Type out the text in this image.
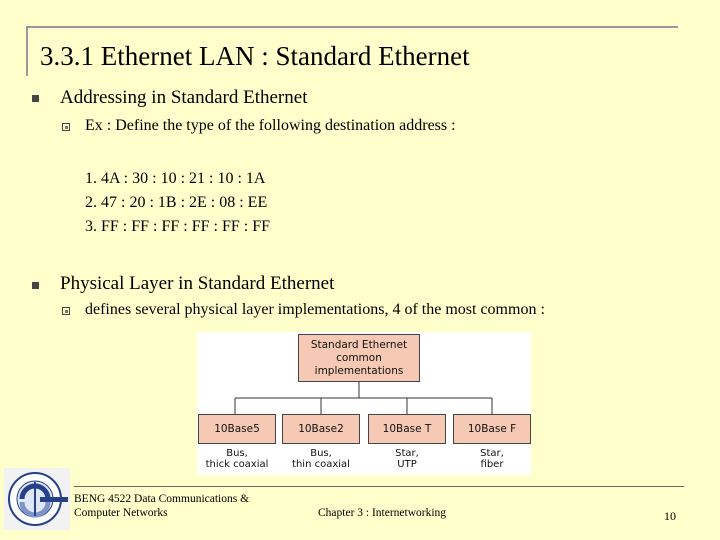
3.3.1 Ethernet LAN : Standard Ethernet
Addressing in Standard Ethernet
Ex : Define the type of the following destination address :
1. 4A : 30 : 10 : 21 : 10 : 1A
2. 47 : 20 : 1B : 2E : 08 : EE
3. FF : FF : FF : FF : FF : FF
Physical Layer in Standard Ethernet
defines several physical layer implementations, 4 of the most common :
Standard Ethernet
common
implementations
10Base5	10Base2	10Base T	10Base F
Bus,
thick coaxial
Bus,
thin coaxial
Star,
UTP
Star,
fiber
BENG 4522 Data Communications &
Computer Networks	Chapter 3 : Internetworking	10
